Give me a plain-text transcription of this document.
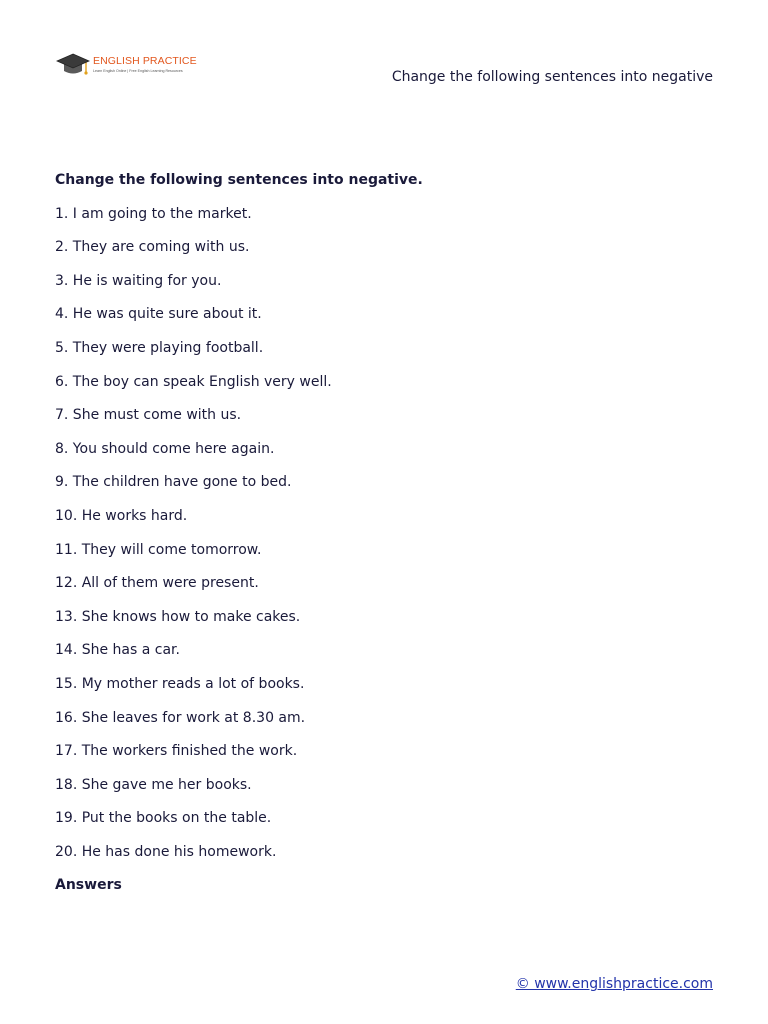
ENGLISH PRACTICE
Learn English Online | Free English Learning Resources	Change the following sentences into negative
Change the following sentences into negative.
1. I am going to the market.
2. They are coming with us.
3. He is waiting for you.
4. He was quite sure about it.
5. They were playing football.
6. The boy can speak English very well.
7. She must come with us.
8. You should come here again.
9. The children have gone to bed.
10. He works hard.
11. They will come tomorrow.
12. All of them were present.
13. She knows how to make cakes.
14. She has a car.
15. My mother reads a lot of books.
16. She leaves for work at 8.30 am.
17. The workers finished the work.
18. She gave me her books.
19. Put the books on the table.
20. He has done his homework.
Answers
© www.englishpractice.com
